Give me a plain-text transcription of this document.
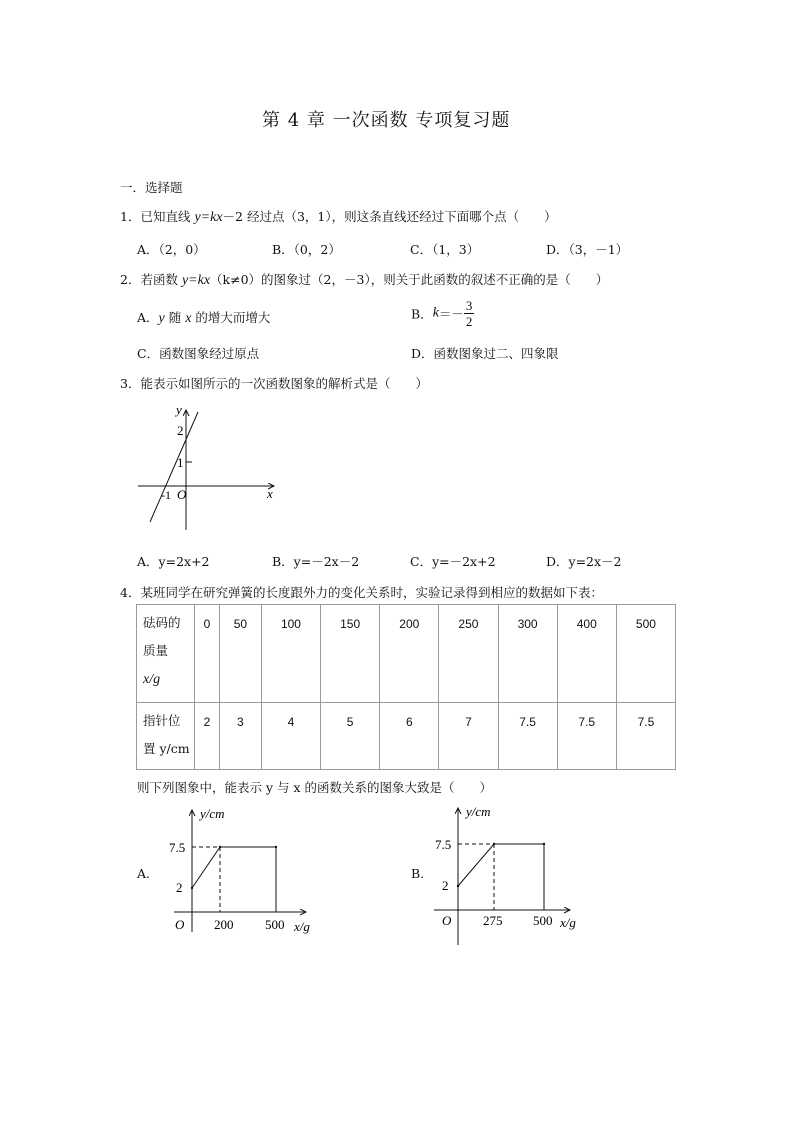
第 4 章 一次函数 专项复习题
一．选择题
1．已知直线 y=kx－2 经过点（3，1），则这条直线还经过下面哪个点（　　）
A．（2，0）	B．（0，2）	C．（1，3）	D．（3，－1）
2．若函数 y=kx（k≠0）的图象过（2，－3），则关于此函数的叙述不正确的是（　　）
A．y 随 x 的增大而增大	B．$k=- \frac{3}{2}$
C．函数图象经过原点	D．函数图象过二、四象限
3．能表示如图所示的一次函数图象的解析式是（　　）
y
x
2
1
-1 O
A．y=2x+2	B．y=－2x－2	C．y=－2x+2	D．y=2x－2
4．某班同学在研究弹簧的长度跟外力的变化关系时，实验记录得到相应的数据如下表：
砝码的
质量
x/g	0	50	100	150	200	250	300	400	500
指针位
置 y/cm	2	3	4	5	6	7	7.5	7.5	7.5
则下列图象中，能表示 y 与 x 的函数关系的图象大致是（　　）
A.
y/cm
x/g
7.5
2
O 200 500
B.
y/cm
x/g
7.5
2
O 275 500
